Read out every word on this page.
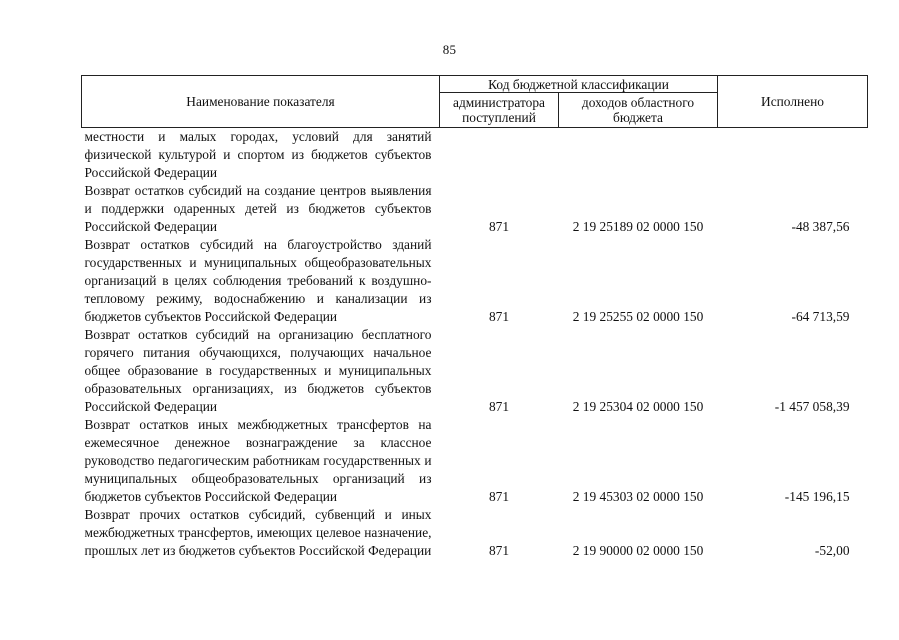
85
Наименование показателя	Код бюджетной классификации		Исполнено
	администратора поступлений	доходов областного бюджета	
местности и малых городах, условий для занятий физической культурой и спортом из бюджетов субъектов Российской Федерации			
Возврат остатков субсидий на создание центров выявления и поддержки одаренных детей из бюджетов субъектов Российской Федерации	871	2 19 25189 02 0000 150	-48 387,56
Возврат остатков субсидий на благоустройство зданий государственных и муниципальных общеобразовательных организаций в целях соблюдения требований к воздушно-тепловому режиму, водоснабжению и канализации из бюджетов субъектов Российской Федерации	871	2 19 25255 02 0000 150	-64 713,59
Возврат остатков субсидий на организацию бесплатного горячего питания обучающихся, получающих начальное общее образование в государственных и муниципальных образовательных организациях, из бюджетов субъектов Российской Федерации	871	2 19 25304 02 0000 150	-1 457 058,39
Возврат остатков иных межбюджетных трансфертов на ежемесячное денежное вознаграждение за классное руководство педагогическим работникам государственных и муниципальных общеобразовательных организаций из бюджетов субъектов Российской Федерации	871	2 19 45303 02 0000 150	-145 196,15
Возврат прочих остатков субсидий, субвенций и иных межбюджетных трансфертов, имеющих целевое назначение, прошлых лет из бюджетов субъектов Российской Федерации	871	2 19 90000 02 0000 150	-52,00
